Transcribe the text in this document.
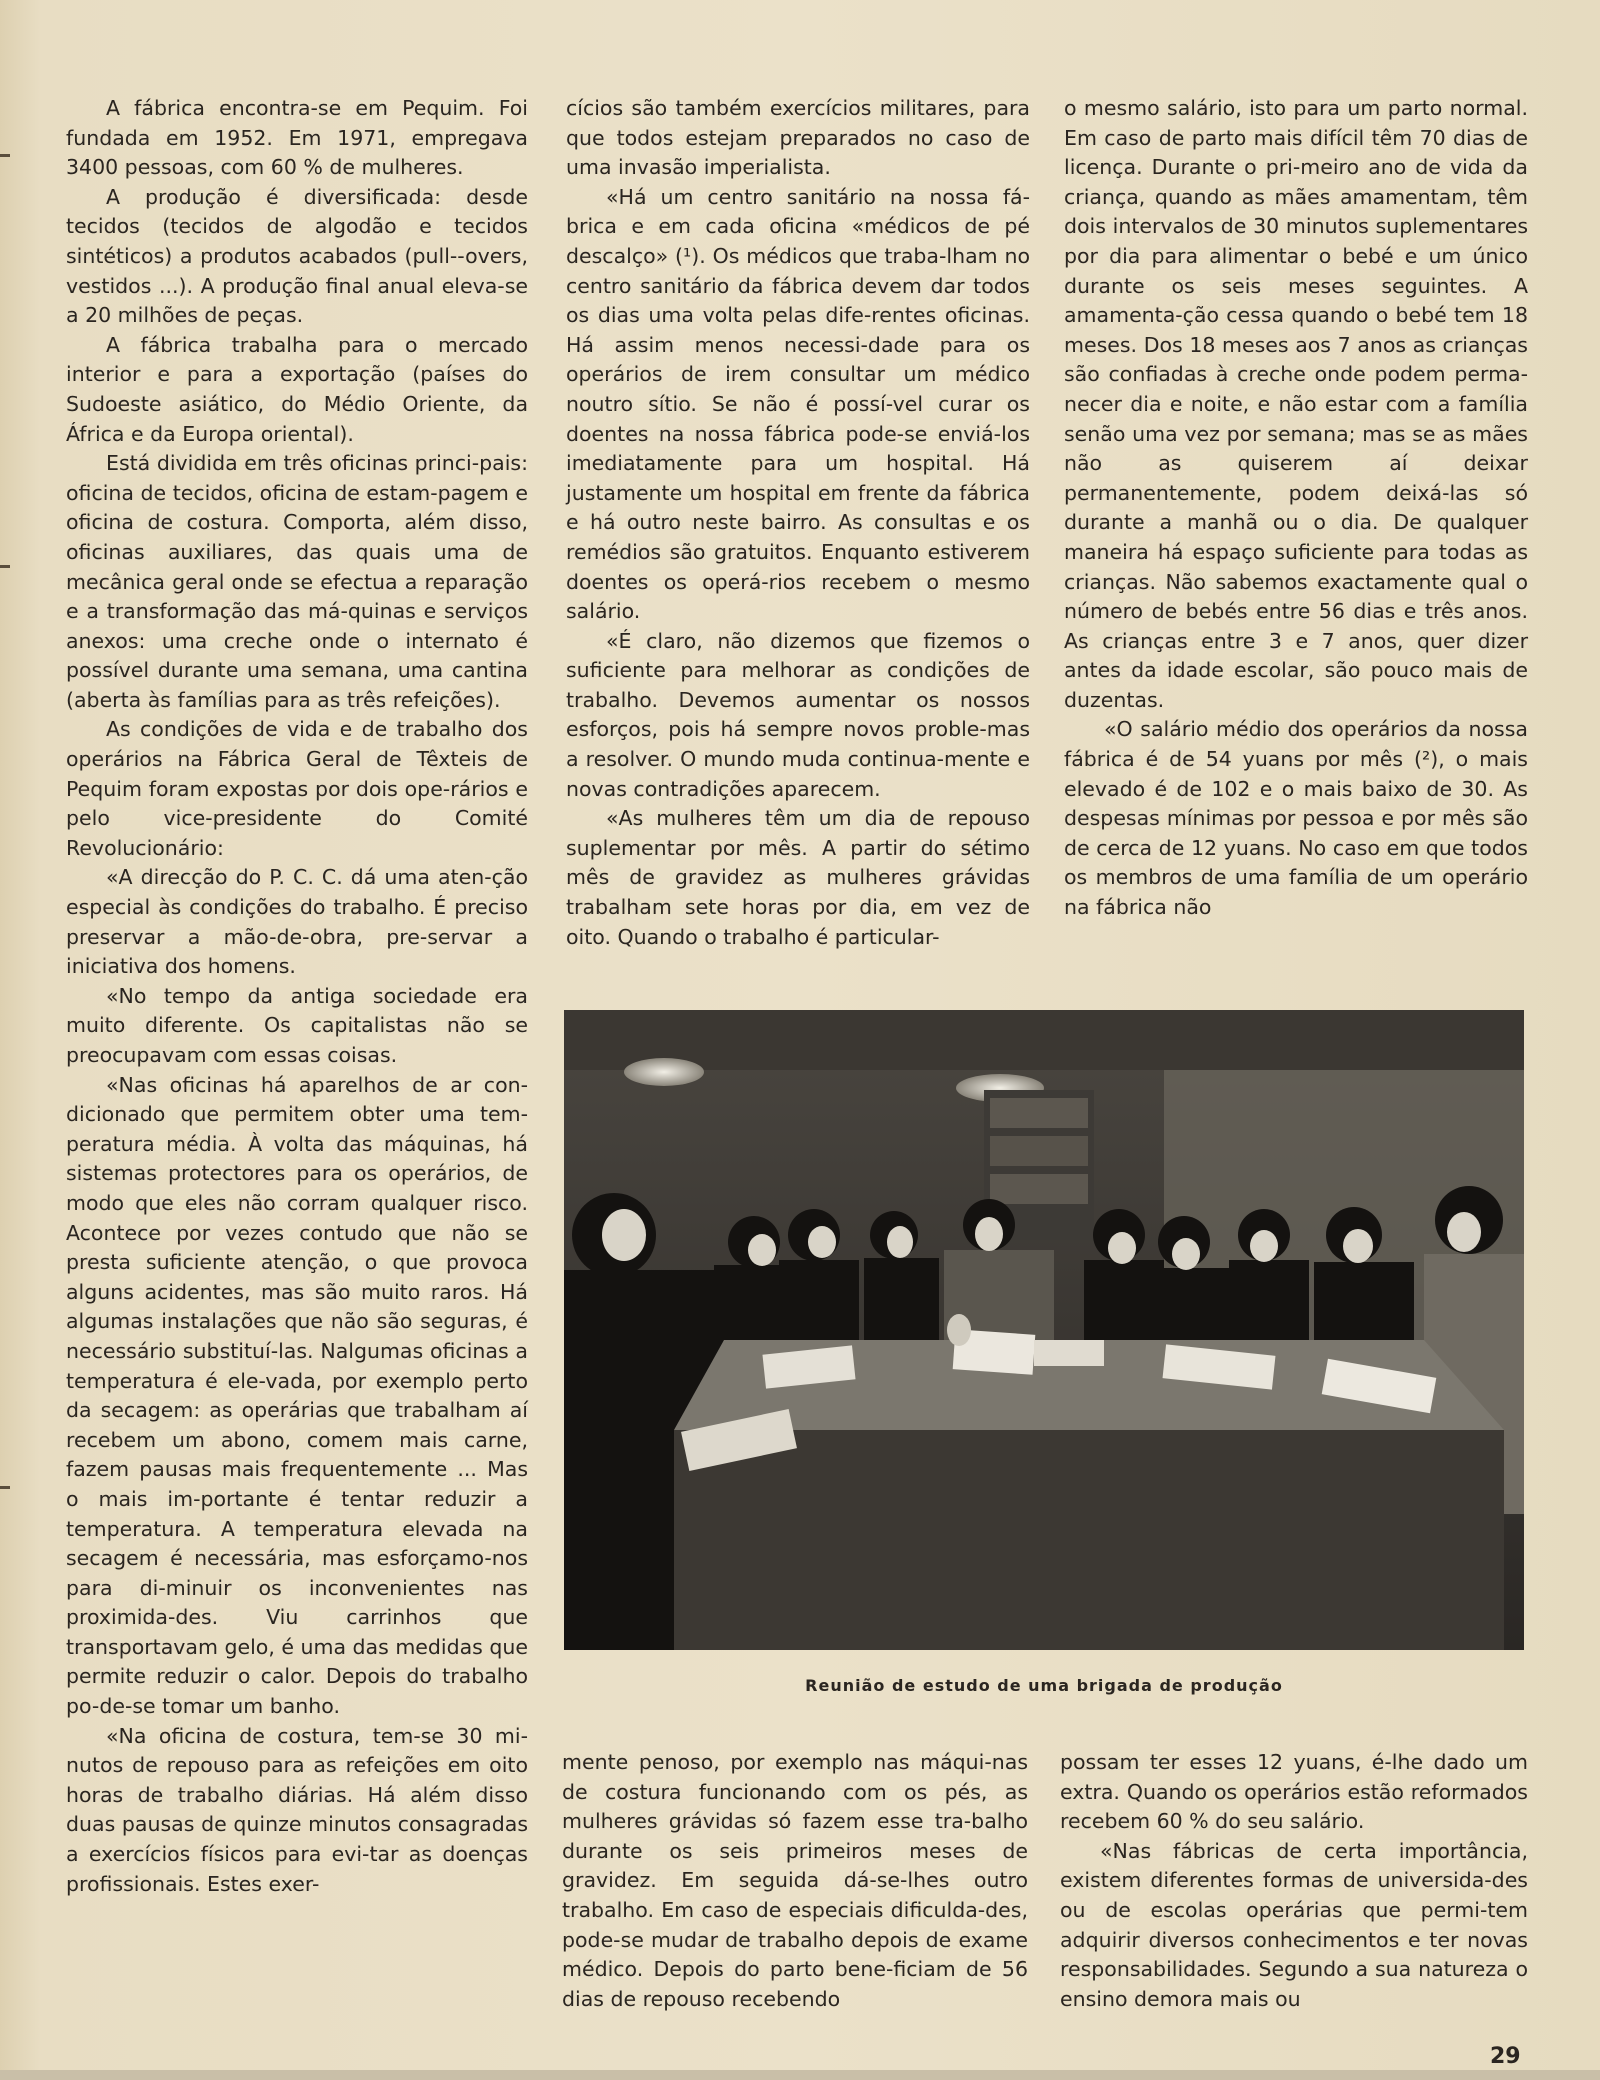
A fábrica encontra-se em Pequim. Foi fundada em 1952. Em 1971, empregava 3400 pessoas, com 60 % de mulheres.

A produção é diversificada: desde tecidos (tecidos de algodão e tecidos sintéticos) a produtos acabados (pull--overs, vestidos ...). A produção final anual eleva-se a 20 milhões de peças.

A fábrica trabalha para o mercado interior e para a exportação (países do Sudoeste asiático, do Médio Oriente, da África e da Europa oriental).

Está dividida em três oficinas princi-pais: oficina de tecidos, oficina de estam-pagem e oficina de costura. Comporta, além disso, oficinas auxiliares, das quais uma de mecânica geral onde se efectua a reparação e a transformação das má-quinas e serviços anexos: uma creche onde o internato é possível durante uma semana, uma cantina (aberta às famílias para as três refeições).

As condições de vida e de trabalho dos operários na Fábrica Geral de Têxteis de Pequim foram expostas por dois ope-rários e pelo vice-presidente do Comité Revolucionário:

«A direcção do P. C. C. dá uma aten-ção especial às condições do trabalho. É preciso preservar a mão-de-obra, pre-servar a iniciativa dos homens.

«No tempo da antiga sociedade era muito diferente. Os capitalistas não se preocupavam com essas coisas.

«Nas oficinas há aparelhos de ar con-dicionado que permitem obter uma tem-peratura média. À volta das máquinas, há sistemas protectores para os operários, de modo que eles não corram qualquer risco. Acontece por vezes contudo que não se presta suficiente atenção, o que provoca alguns acidentes, mas são muito raros. Há algumas instalações que não são seguras, é necessário substituí-las. Nalgumas oficinas a temperatura é ele-vada, por exemplo perto da secagem: as operárias que trabalham aí recebem um abono, comem mais carne, fazem pausas mais frequentemente ... Mas o mais im-portante é tentar reduzir a temperatura. A temperatura elevada na secagem é necessária, mas esforçamo-nos para di-minuir os inconvenientes nas proximida-des. Viu carrinhos que transportavam gelo, é uma das medidas que permite reduzir o calor. Depois do trabalho po-de-se tomar um banho.

«Na oficina de costura, tem-se 30 mi-nutos de repouso para as refeições em oito horas de trabalho diárias. Há além disso duas pausas de quinze minutos consagradas a exercícios físicos para evi-tar as doenças profissionais. Estes exer-

cícios são também exercícios militares, para que todos estejam preparados no caso de uma invasão imperialista.

«Há um centro sanitário na nossa fá-brica e em cada oficina «médicos de pé descalço» (¹). Os médicos que traba-lham no centro sanitário da fábrica devem dar todos os dias uma volta pelas dife-rentes oficinas. Há assim menos necessi-dade para os operários de irem consultar um médico noutro sítio. Se não é possí-vel curar os doentes na nossa fábrica pode-se enviá-los imediatamente para um hospital. Há justamente um hospital em frente da fábrica e há outro neste bairro. As consultas e os remédios são gratuitos. Enquanto estiverem doentes os operá-rios recebem o mesmo salário.

«É claro, não dizemos que fizemos o suficiente para melhorar as condições de trabalho. Devemos aumentar os nossos esforços, pois há sempre novos proble-mas a resolver. O mundo muda continua-mente e novas contradições aparecem.

«As mulheres têm um dia de repouso suplementar por mês. A partir do sétimo mês de gravidez as mulheres grávidas trabalham sete horas por dia, em vez de oito. Quando o trabalho é particular-

o mesmo salário, isto para um parto normal. Em caso de parto mais difícil têm 70 dias de licença. Durante o pri-meiro ano de vida da criança, quando as mães amamentam, têm dois intervalos de 30 minutos suplementares por dia para alimentar o bebé e um único durante os seis meses seguintes. A amamenta-ção cessa quando o bebé tem 18 meses. Dos 18 meses aos 7 anos as crianças são confiadas à creche onde podem perma-necer dia e noite, e não estar com a família senão uma vez por semana; mas se as mães não as quiserem aí deixar permanentemente, podem deixá-las só durante a manhã ou o dia. De qualquer maneira há espaço suficiente para todas as crianças. Não sabemos exactamente qual o número de bebés entre 56 dias e três anos. As crianças entre 3 e 7 anos, quer dizer antes da idade escolar, são pouco mais de duzentas.

«O salário médio dos operários da nossa fábrica é de 54 yuans por mês (²), o mais elevado é de 102 e o mais baixo de 30. As despesas mínimas por pessoa e por mês são de cerca de 12 yuans. No caso em que todos os membros de uma família de um operário na fábrica não

Reunião de estudo de uma brigada de produção

mente penoso, por exemplo nas máqui-nas de costura funcionando com os pés, as mulheres grávidas só fazem esse tra-balho durante os seis primeiros meses de gravidez. Em seguida dá-se-lhes outro trabalho. Em caso de especiais dificulda-des, pode-se mudar de trabalho depois de exame médico. Depois do parto bene-ficiam de 56 dias de repouso recebendo

possam ter esses 12 yuans, é-lhe dado um extra. Quando os operários estão reformados recebem 60 % do seu salário.

«Nas fábricas de certa importância, existem diferentes formas de universida-des ou de escolas operárias que permi-tem adquirir diversos conhecimentos e ter novas responsabilidades. Segundo a sua natureza o ensino demora mais ou

29
